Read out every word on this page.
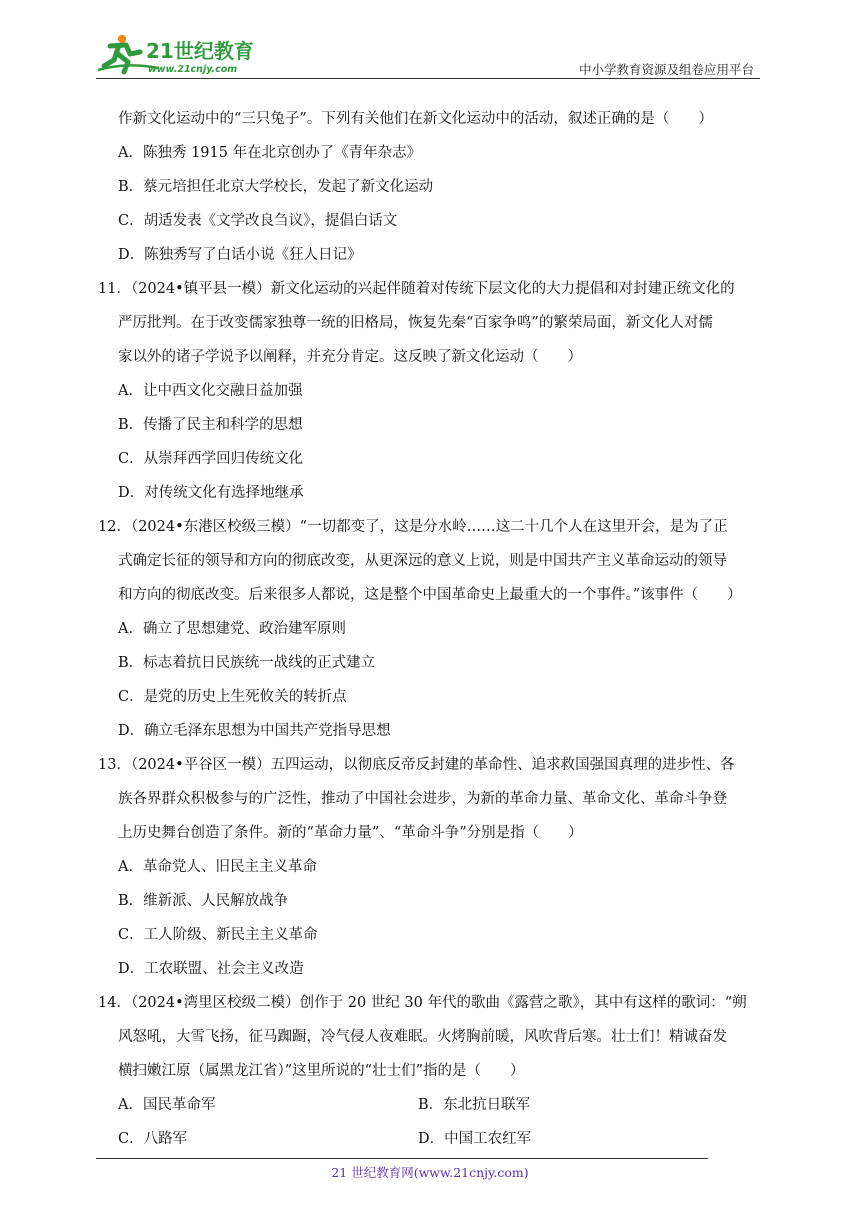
21世纪教育
www.21cnjy.com	中小学教育资源及组卷应用平台
作新文化运动中的“三只兔子”。下列有关他们在新文化运动中的活动，叙述正确的是（　　）
A．陈独秀 1915 年在北京创办了《青年杂志》
B．蔡元培担任北京大学校长，发起了新文化运动
C．胡适发表《文学改良刍议》，提倡白话文
D．陈独秀写了白话小说《狂人日记》
11．（2024•镇平县一模）新文化运动的兴起伴随着对传统下层文化的大力提倡和对封建正统文化的
严厉批判。在于改变儒家独尊一统的旧格局，恢复先秦“百家争鸣”的繁荣局面，新文化人对儒
家以外的诸子学说予以阐释，并充分肯定。这反映了新文化运动（　　）
A．让中西文化交融日益加强
B．传播了民主和科学的思想
C．从崇拜西学回归传统文化
D．对传统文化有选择地继承
12．（2024•东港区校级三模）“一切都变了，这是分水岭……这二十几个人在这里开会，是为了正
式确定长征的领导和方向的彻底改变，从更深远的意义上说，则是中国共产主义革命运动的领导
和方向的彻底改变。后来很多人都说，这是整个中国革命史上最重大的一个事件。”该事件（　　）
A．确立了思想建党、政治建军原则
B．标志着抗日民族统一战线的正式建立
C．是党的历史上生死攸关的转折点
D．确立毛泽东思想为中国共产党指导思想
13．（2024•平谷区一模）五四运动，以彻底反帝反封建的革命性、追求救国强国真理的进步性、各
族各界群众积极参与的广泛性，推动了中国社会进步，为新的革命力量、革命文化、革命斗争登
上历史舞台创造了条件。新的“革命力量”、“革命斗争”分别是指（　　）
A．革命党人、旧民主主义革命
B．维新派、人民解放战争
C．工人阶级、新民主主义革命
D．工农联盟、社会主义改造
14．（2024•湾里区校级二模）创作于 20 世纪 30 年代的歌曲《露营之歌》，其中有这样的歌词：“朔
风怒吼，大雪飞扬，征马踟蹰，冷气侵人夜难眠。火烤胸前暖，风吹背后寒。壮士们！精诚奋发
横扫嫩江原（属黑龙江省）”这里所说的“壮士们”指的是（　　）
A．国民革命军	B．东北抗日联军
C．八路军	D．中国工农红军
21 世纪教育网(www.21cnjy.com)
